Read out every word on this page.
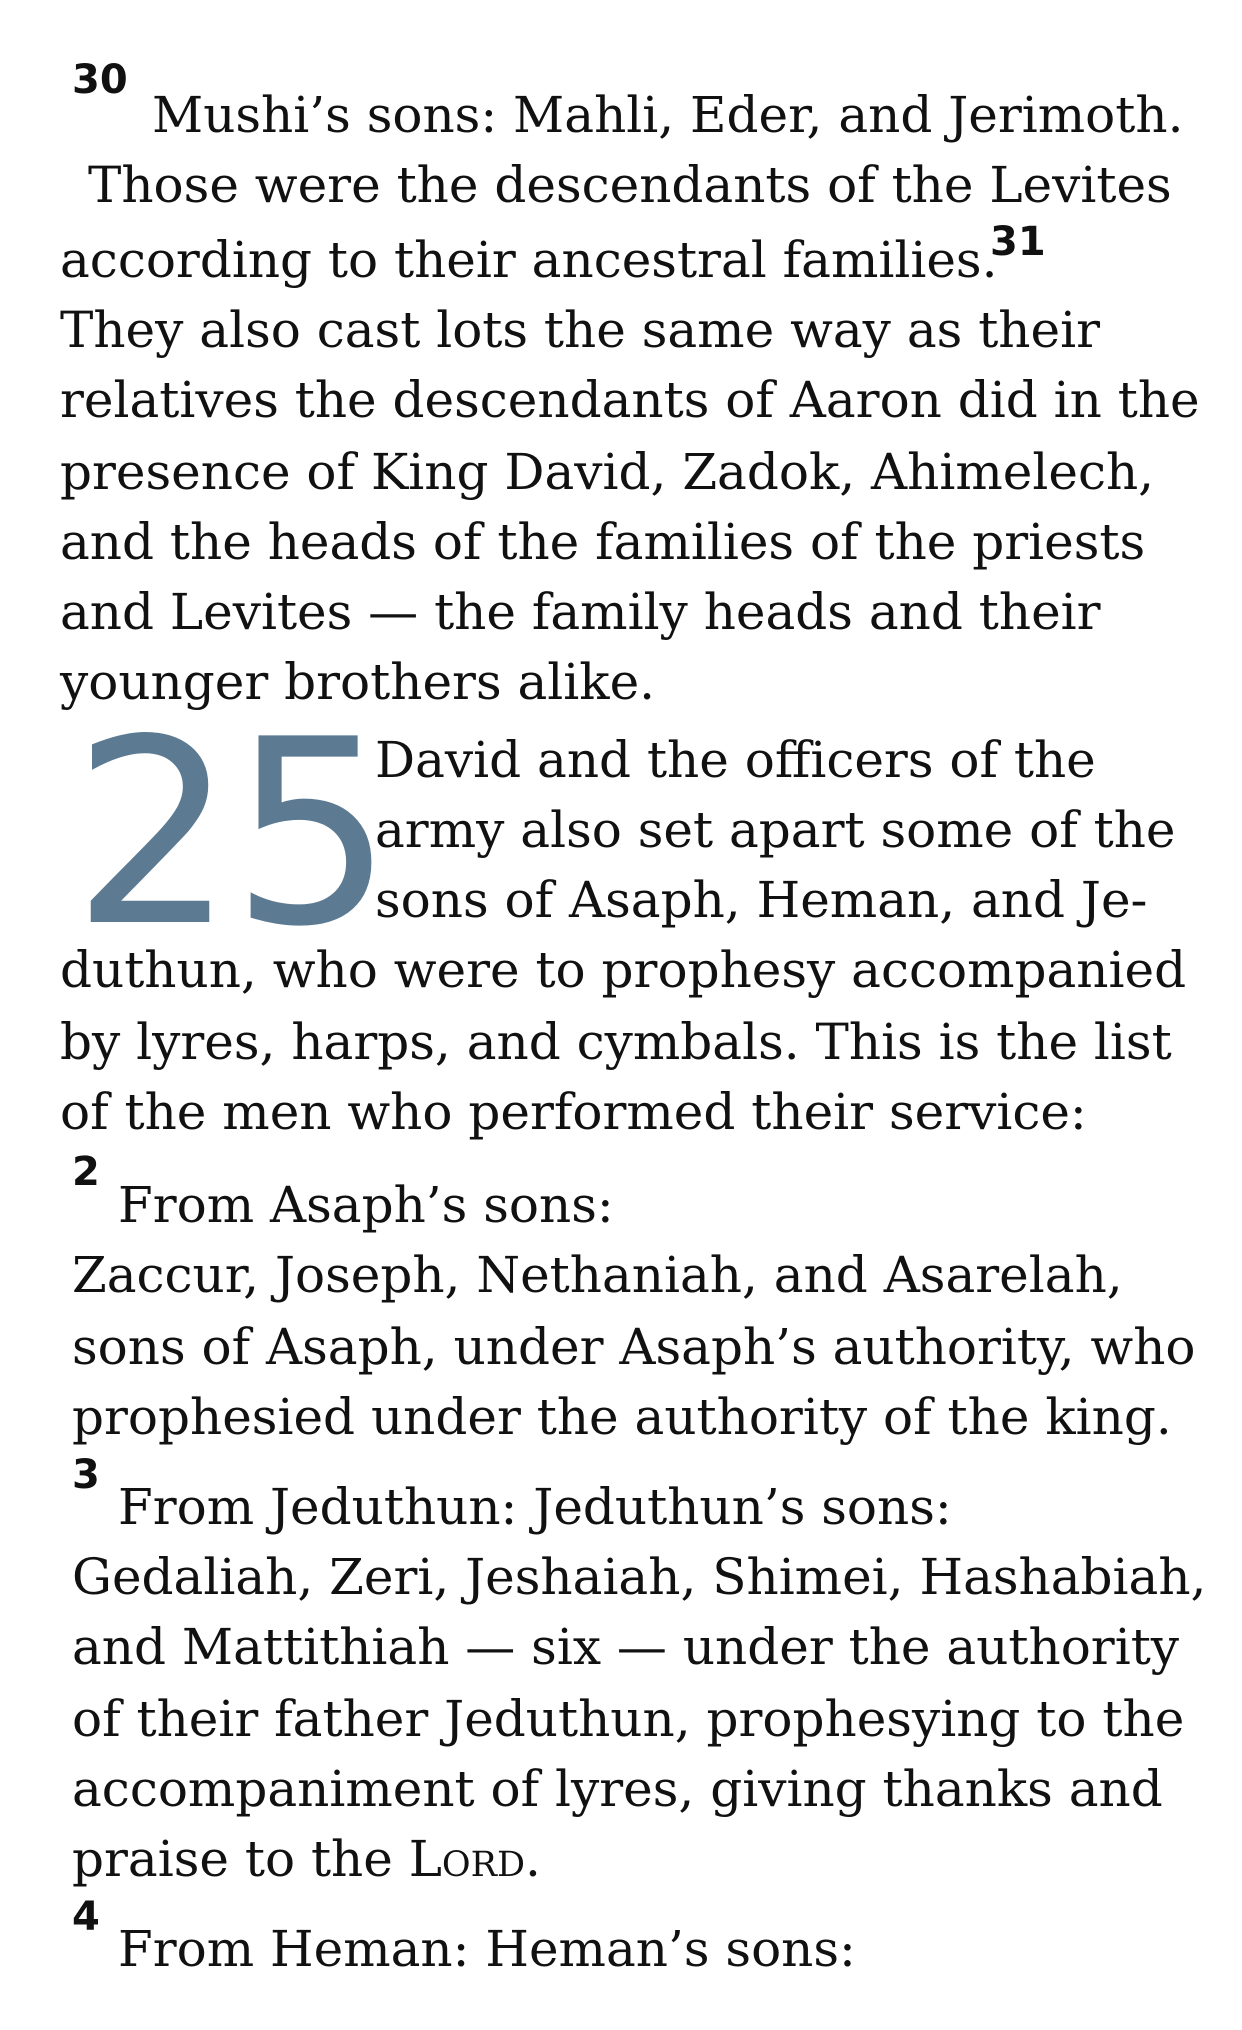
30
Mushi’s sons: Mahli, Eder, and Jerimoth.
Those were the descendants of the Levites
according to their ancestral families.
31
They also cast lots the same way as their
relatives the descendants of Aaron did in the
presence of King David, Zadok, Ahimelech,
and the heads of the families of the priests
and Levites — the family heads and their
younger brothers alike.
25
David and the officers of the
army also set apart some of the
sons of Asaph, Heman, and Je-
duthun, who were to prophesy accompanied
by lyres, harps, and cymbals. This is the list
of the men who performed their service:
2
From Asaph’s sons:
Zaccur, Joseph, Nethaniah, and Asarelah,
sons of Asaph, under Asaph’s authority, who
prophesied under the authority of the king.
3
From Jeduthun: Jeduthun’s sons:
Gedaliah, Zeri, Jeshaiah, Shimei, Hashabiah,
and Mattithiah — six — under the authority
of their father Jeduthun, prophesying to the
accompaniment of lyres, giving thanks and
praise to the Lord.
4
From Heman: Heman’s sons:
